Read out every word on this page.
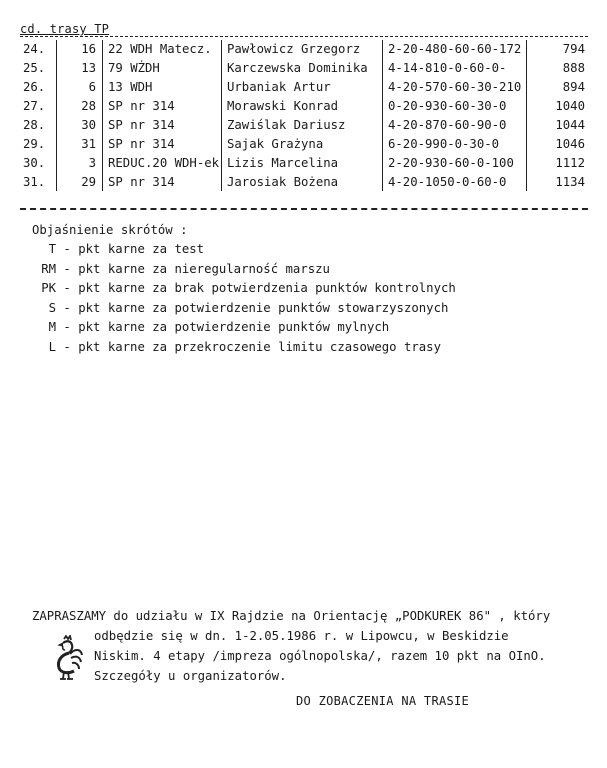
cd. trasy TP
24.	16	22 WDH Matecz.	Pawłowicz Grzegorz	2-20-480-60-60-172	794
25.	13	79 WŻDH	Karczewska Dominika	4-14-810-0-60-0-	888
26.	6	13 WDH	Urbaniak Artur	4-20-570-60-30-210	894
27.	28	SP nr 314	Morawski Konrad	0-20-930-60-30-0	1040
28.	30	SP nr 314	Zawiślak Dariusz	4-20-870-60-90-0	1044
29.	31	SP nr 314	Sajak Grażyna	6-20-990-0-30-0	1046
30.	3	REDUC.20 WDH-ek	Lizis Marcelina	2-20-930-60-0-100	1112
31.	29	SP nr 314	Jarosiak Bożena	4-20-1050-0-60-0	1134
Objaśnienie skrótów :
T - pkt karne za test
RM - pkt karne za nieregularność marszu
PK - pkt karne za brak potwierdzenia punktów kontrolnych
S - pkt karne za potwierdzenie punktów stowarzyszonych
M - pkt karne za potwierdzenie punktów mylnych
L - pkt karne za przekroczenie limitu czasowego trasy
ZAPRASZAMY do udziału w IX Rajdzie na Orientację „PODKUREK 86" , który
odbędzie się w dn. 1-2.05.1986 r. w Lipowcu, w Beskidzie
Niskim. 4 etapy /impreza ogólnopolska/, razem 10 pkt na OInO.
Szczegóły u organizatorów.
DO ZOBACZENIA NA TRASIE
